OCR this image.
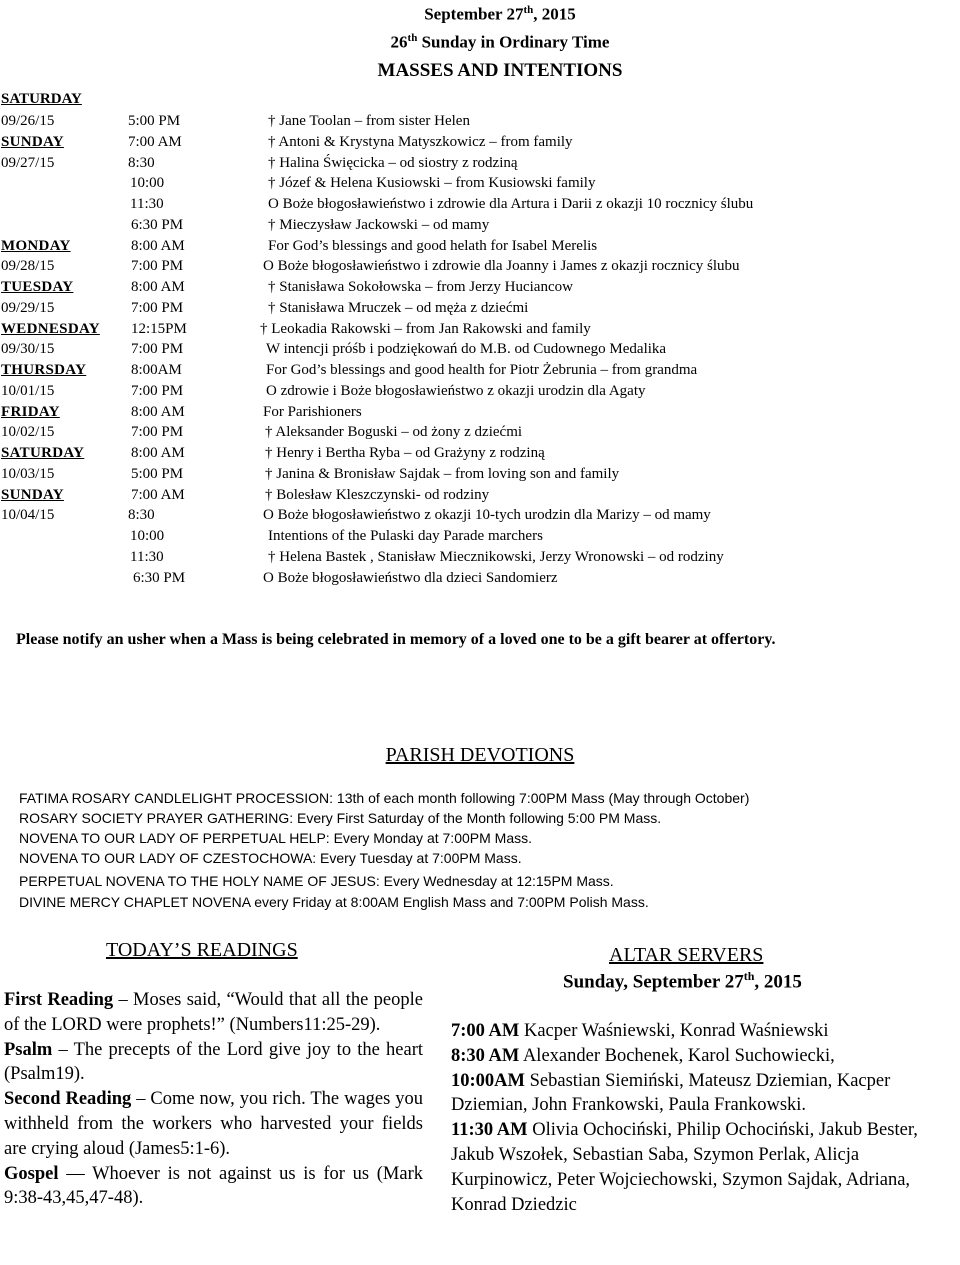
September 27th, 2015
26th Sunday in Ordinary Time
MASSES AND INTENTIONS
SATURDAY
09/26/15	5:00 PM	† Jane Toolan – from sister Helen
SUNDAY	7:00 AM	† Antoni & Krystyna Matyszkowicz – from family
09/27/15	8:30	† Halina Święcicka – od siostry z rodziną
10:00	† Józef & Helena Kusiowski – from Kusiowski family
11:30	O Boże błogosławieństwo i zdrowie dla Artura i Darii z okazji 10 rocznicy ślubu
6:30 PM	† Mieczysław Jackowski – od mamy
MONDAY	8:00 AM	For God’s blessings and good helath for Isabel Merelis
09/28/15	7:00 PM	O Boże błogosławieństwo i zdrowie dla Joanny i James z okazji rocznicy ślubu
TUESDAY	8:00 AM	† Stanisława Sokołowska – from Jerzy Huciancow
09/29/15	7:00 PM	† Stanisława Mruczek – od męża z dziećmi
WEDNESDAY 12:15PM	† Leokadia Rakowski – from Jan Rakowski and family
09/30/15	7:00 PM	W intencji próśb i podziękowań do M.B. od Cudownego Medalika
THURSDAY	8:00AM	For God’s blessings and good health for Piotr Żebrunia – from grandma
10/01/15	7:00 PM	O zdrowie i Boże błogosławieństwo z okazji urodzin dla Agaty
FRIDAY	8:00 AM	For Parishioners
10/02/15	7:00 PM	† Aleksander Boguski – od żony z dziećmi
SATURDAY	8:00 AM	† Henry i Bertha Ryba – od Grażyny z rodziną
10/03/15	5:00 PM	† Janina & Bronisław Sajdak – from loving son and family
SUNDAY	7:00 AM	† Bolesław Kleszczynski- od rodziny
10/04/15	8:30	O Boże błogosławieństwo z okazji 10-tych urodzin dla Marizy – od mamy
10:00	Intentions of the Pulaski day Parade marchers
11:30	† Helena Bastek , Stanisław Miecznikowski, Jerzy Wronowski – od rodziny
6:30 PM	O Boże błogosławieństwo dla dzieci Sandomierz
Please notify an usher when a Mass is being celebrated in memory of a loved one to be a gift bearer at offertory.
PARISH DEVOTIONS
FATIMA ROSARY CANDLELIGHT PROCESSION: 13th of each month following 7:00PM Mass (May through October)
ROSARY SOCIETY PRAYER GATHERING: Every First Saturday of the Month following 5:00 PM Mass.
NOVENA TO OUR LADY OF PERPETUAL HELP: Every Monday at 7:00PM Mass.
NOVENA TO OUR LADY OF CZESTOCHOWA: Every Tuesday at 7:00PM Mass.
PERPETUAL NOVENA TO THE HOLY NAME OF JESUS: Every Wednesday at 12:15PM Mass.
DIVINE MERCY CHAPLET NOVENA every Friday at 8:00AM English Mass and 7:00PM Polish Mass.
TODAY’S READINGS

First Reading – Moses said, “Would that all the people of the LORD were prophets!” (Numbers11:25-29).

Psalm – The precepts of the Lord give joy to the heart (Psalm19).

Second Reading – Come now, you rich. The wages you withheld from the workers who harvested your fields are crying aloud (James5:1-6).

Gospel — Whoever is not against us is for us (Mark 9:38-43,45,47-48).

ALTAR SERVERS
Sunday, September 27th, 2015

7:00 AM Kacper Waśniewski, Konrad Waśniewski

8:30 AM Alexander Bochenek, Karol Suchowiecki,

10:00AM Sebastian Siemiński, Mateusz Dziemian, Kacper Dziemian, John Frankowski, Paula Frankowski.

11:30 AM Olivia Ochociński, Philip Ochociński, Jakub Bester, Jakub Wszołek, Sebastian Saba, Szymon Perlak, Alicja Kurpinowicz, Peter Wojciechowski, Szymon Sajdak, Adriana, Konrad Dziedzic
